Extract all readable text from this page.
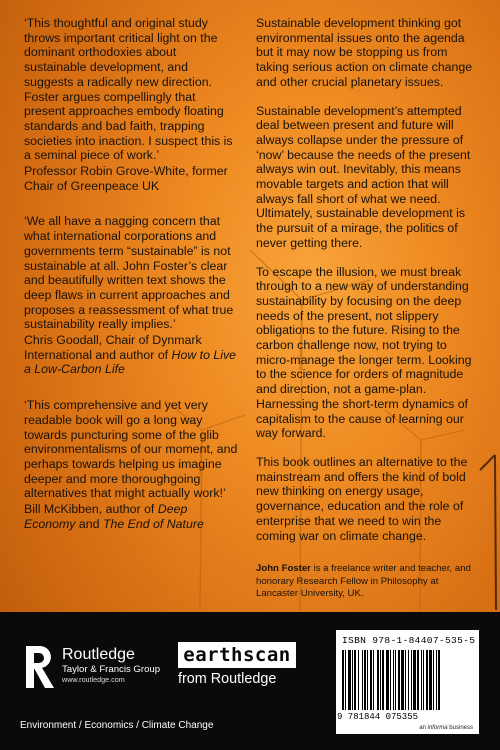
‘This thoughtful and original study throws important critical light on the dominant orthodoxies about sustainable development, and suggests a radically new direction. Foster argues compellingly that present approaches embody floating standards and bad faith, trapping societies into inaction. I suspect this is a seminal piece of work.’

Professor Robin Grove-White, former Chair of Greenpeace UK

‘We all have a nagging concern that what international corporations and governments term “sustainable” is not sustainable at all. John Foster’s clear and beautifully written text shows the deep flaws in current approaches and proposes a reassessment of what true sustainability really implies.’

Chris Goodall, Chair of Dynmark International and author of How to Live a Low-Carbon Life

‘This comprehensive and yet very readable book will go a long way towards puncturing some of the glib environmentalisms of our moment, and perhaps towards helping us imagine deeper and more thoroughgoing alternatives that might actually work!’

Bill McKibben, author of Deep Economy and The End of Nature

Sustainable development thinking got environmental issues onto the agenda but it may now be stopping us from taking serious action on climate change and other crucial planetary issues.

Sustainable development’s attempted deal between present and future will always collapse under the pressure of ‘now’ because the needs of the present always win out. Inevitably, this means movable targets and action that will always fall short of what we need. Ultimately, sustainable development is the pursuit of a mirage, the politics of never getting there.

To escape the illusion, we must break through to a new way of understanding sustainability by focusing on the deep needs of the present, not slippery obligations to the future. Rising to the carbon challenge now, not trying to micro-manage the longer term. Looking to the science for orders of magnitude and direction, not a game-plan. Harnessing the short-term dynamics of capitalism to the cause of learning our way forward.

This book outlines an alternative to the mainstream and offers the kind of bold new thinking on energy usage, governance, education and the role of enterprise that we need to win the coming war on climate change.

John Foster is a freelance writer and teacher, and honorary Research Fellow in Philosophy at Lancaster University, UK.

Routledge
Taylor & Francis Group
www.routledge.com
earthscan
from Routledge
ISBN 978-1-84407-535-5
9 781844 075355
an informa business
Environment / Economics / Climate Change
